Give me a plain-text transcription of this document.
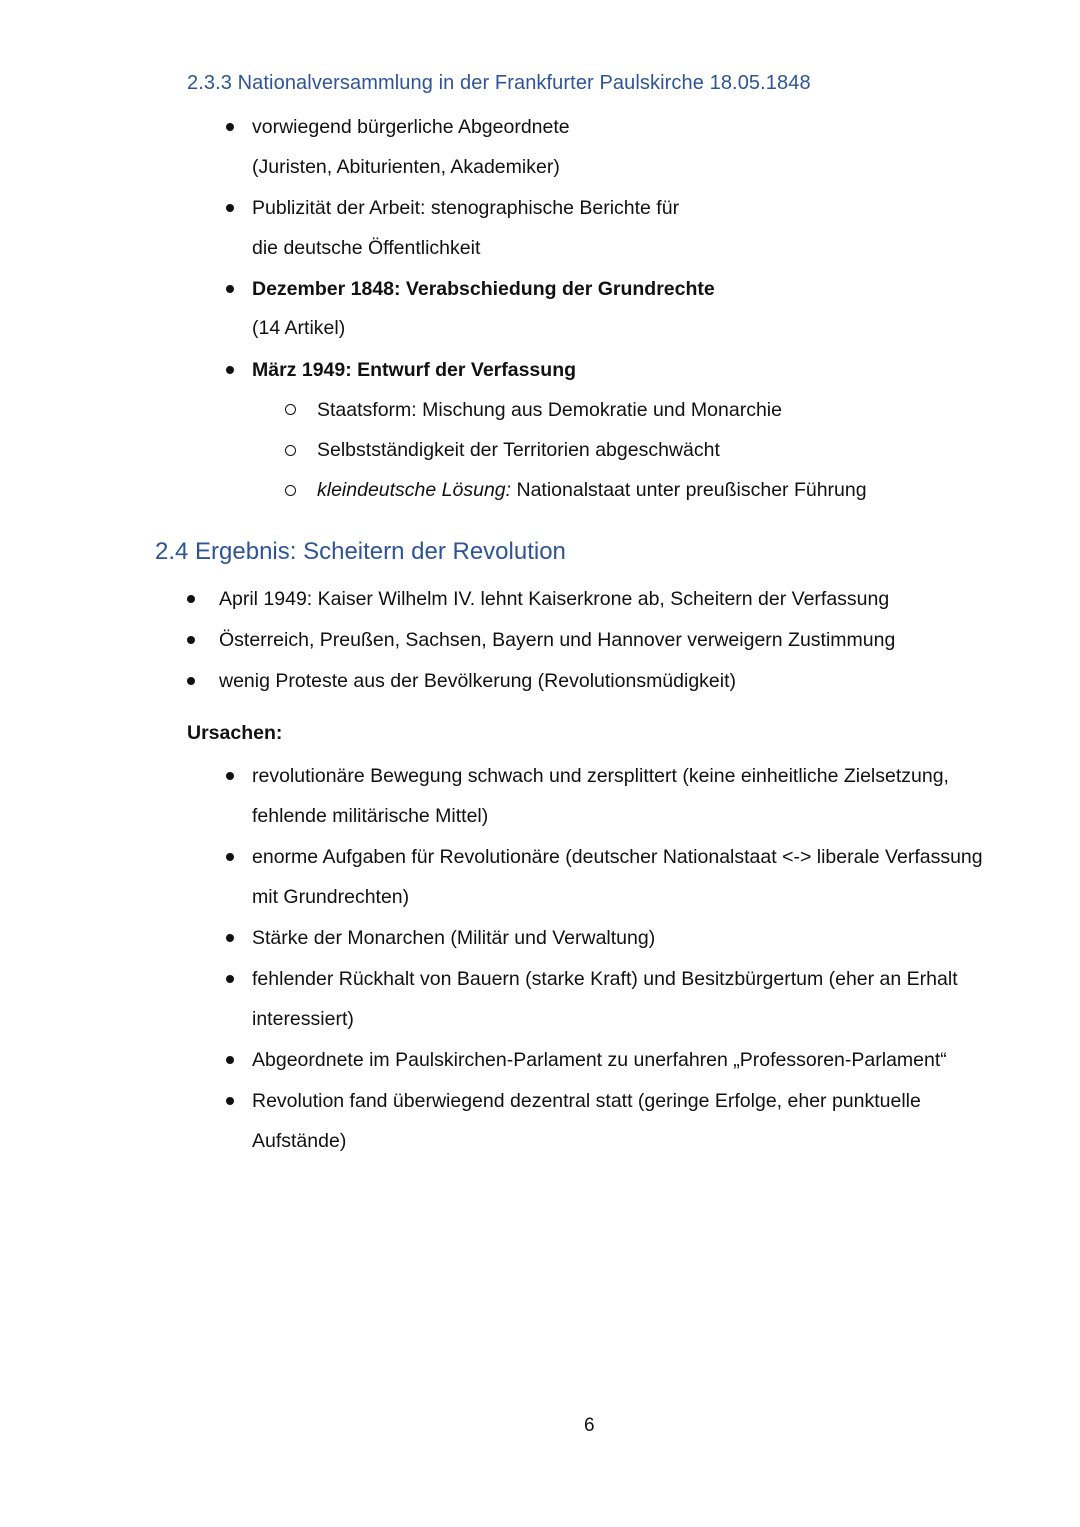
2.3.3 Nationalversammlung in der Frankfurter Paulskirche 18.05.1848
vorwiegend bürgerliche Abgeordnete
(Juristen, Abiturienten, Akademiker)
Publizität der Arbeit: stenographische Berichte für
die deutsche Öffentlichkeit
Dezember 1848: Verabschiedung der Grundrechte
(14 Artikel)
März 1949: Entwurf der Verfassung
Staatsform: Mischung aus Demokratie und Monarchie
Selbstständigkeit der Territorien abgeschwächt
kleindeutsche Lösung: Nationalstaat unter preußischer Führung
2.4 Ergebnis: Scheitern der Revolution
April 1949: Kaiser Wilhelm IV. lehnt Kaiserkrone ab, Scheitern der Verfassung
Österreich, Preußen, Sachsen, Bayern und Hannover verweigern Zustimmung
wenig Proteste aus der Bevölkerung (Revolutionsmüdigkeit)
Ursachen:
revolutionäre Bewegung schwach und zersplittert (keine einheitliche Zielsetzung,
fehlende militärische Mittel)
enorme Aufgaben für Revolutionäre (deutscher Nationalstaat <-> liberale Verfassung
mit Grundrechten)
Stärke der Monarchen (Militär und Verwaltung)
fehlender Rückhalt von Bauern (starke Kraft) und Besitzbürgertum (eher an Erhalt
interessiert)
Abgeordnete im Paulskirchen-Parlament zu unerfahren „Professoren-Parlament“
Revolution fand überwiegend dezentral statt (geringe Erfolge, eher punktuelle
Aufstände)
6
